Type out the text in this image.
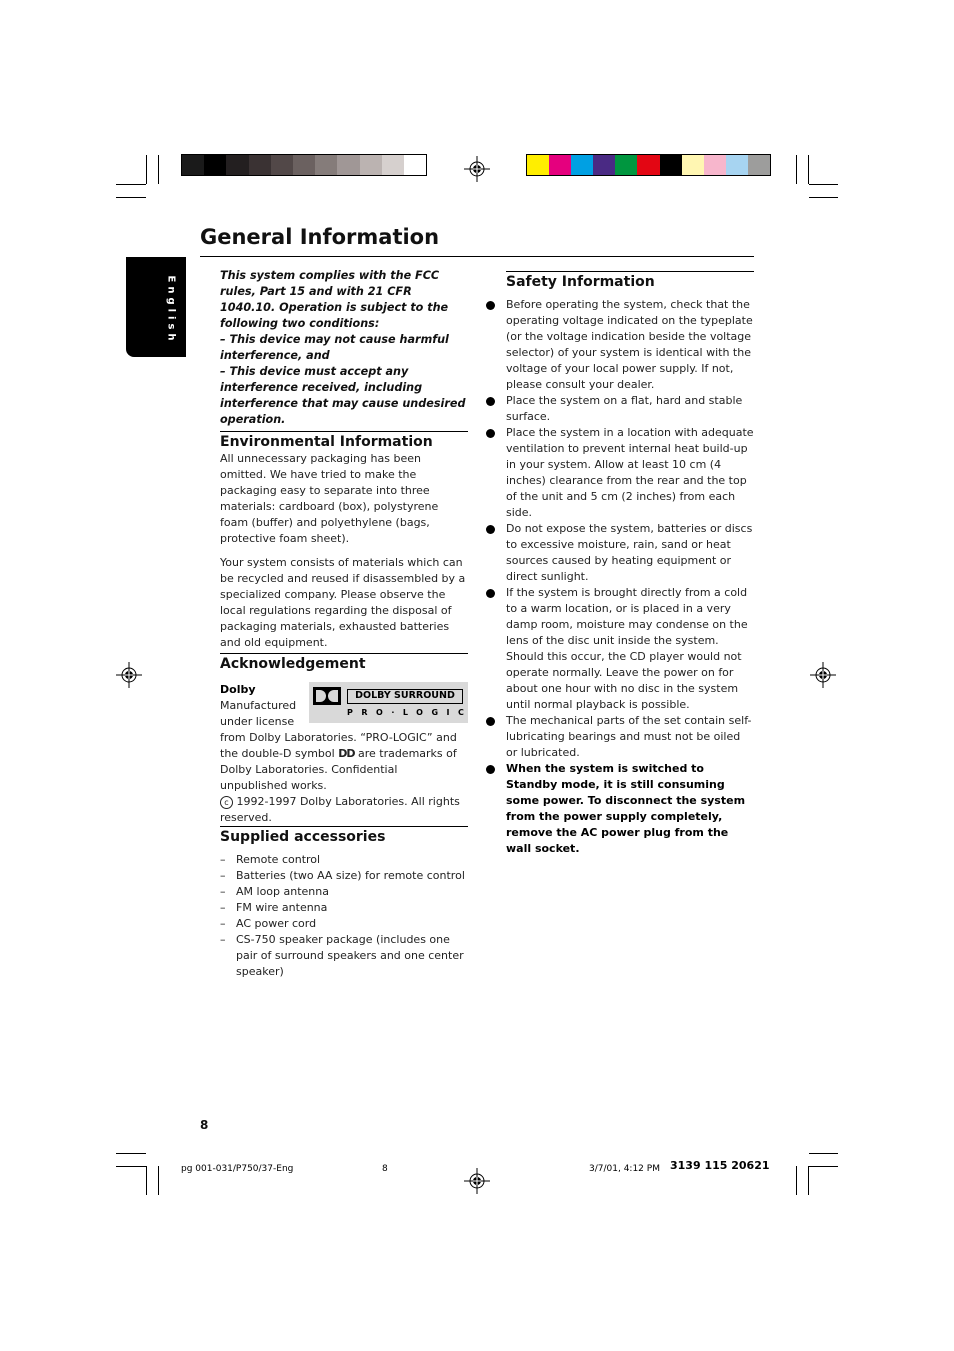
General Information
English	This system complies with the FCC rules, Part 15 and with 21 CFR 1040.10. Operation is subject to the following two conditions:

– This device may not cause harmful interference, and

– This device must accept any interference received, including interference that may cause undesired operation.

Environmental Information

All unnecessary packaging has been omitted. We have tried to make the packaging easy to separate into three materials: cardboard (box), polystyrene foam (buffer) and polyethylene (bags, protective foam sheet).

Your system consists of materials which can be recycled and reused if disassembled by a specialized company. Please observe the local regulations regarding the disposal of packaging materials, exhausted batteries and old equipment.

Acknowledgement
Dolby
Manufactured
under license

from Dolby Laboratories. “PRO-LOGIC” and the double-D symbol DD are trademarks of Dolby Laboratories. Confidential unpublished works.
c 1992-1997 Dolby Laboratories. All rights reserved.

DOLBY SURROUND
PRO·LOGIC
Supplied accessories
– Remote control
– Batteries (two AA size) for remote control
– AM loop antenna
– FM wire antenna
– AC power cord
– CS-750 speaker package (includes one pair of surround speakers and one center speaker)
Safety Information
Before operating the system, check that the operating voltage indicated on the typeplate (or the voltage indication beside the voltage selector) of your system is identical with the voltage of your local power supply. If not, please consult your dealer.
Place the system on a flat, hard and stable surface.
Place the system in a location with adequate ventilation to prevent internal heat build-up in your system. Allow at least 10 cm (4 inches) clearance from the rear and the top of the unit and 5 cm (2 inches) from each side.
Do not expose the system, batteries or discs to excessive moisture, rain, sand or heat sources caused by heating equipment or direct sunlight.
If the system is brought directly from a cold to a warm location, or is placed in a very damp room, moisture may condense on the lens of the disc unit inside the system. Should this occur, the CD player would not operate normally. Leave the power on for about one hour with no disc in the system until normal playback is possible.
The mechanical parts of the set contain self-lubricating bearings and must not be oiled or lubricated.
When the system is switched to Standby mode, it is still consuming some power. To disconnect the system from the power supply completely, remove the AC power plug from the wall socket.
8
pg 001-031/P750/37-Eng	8	3/7/01, 4:12 PM 3139 115 20621
